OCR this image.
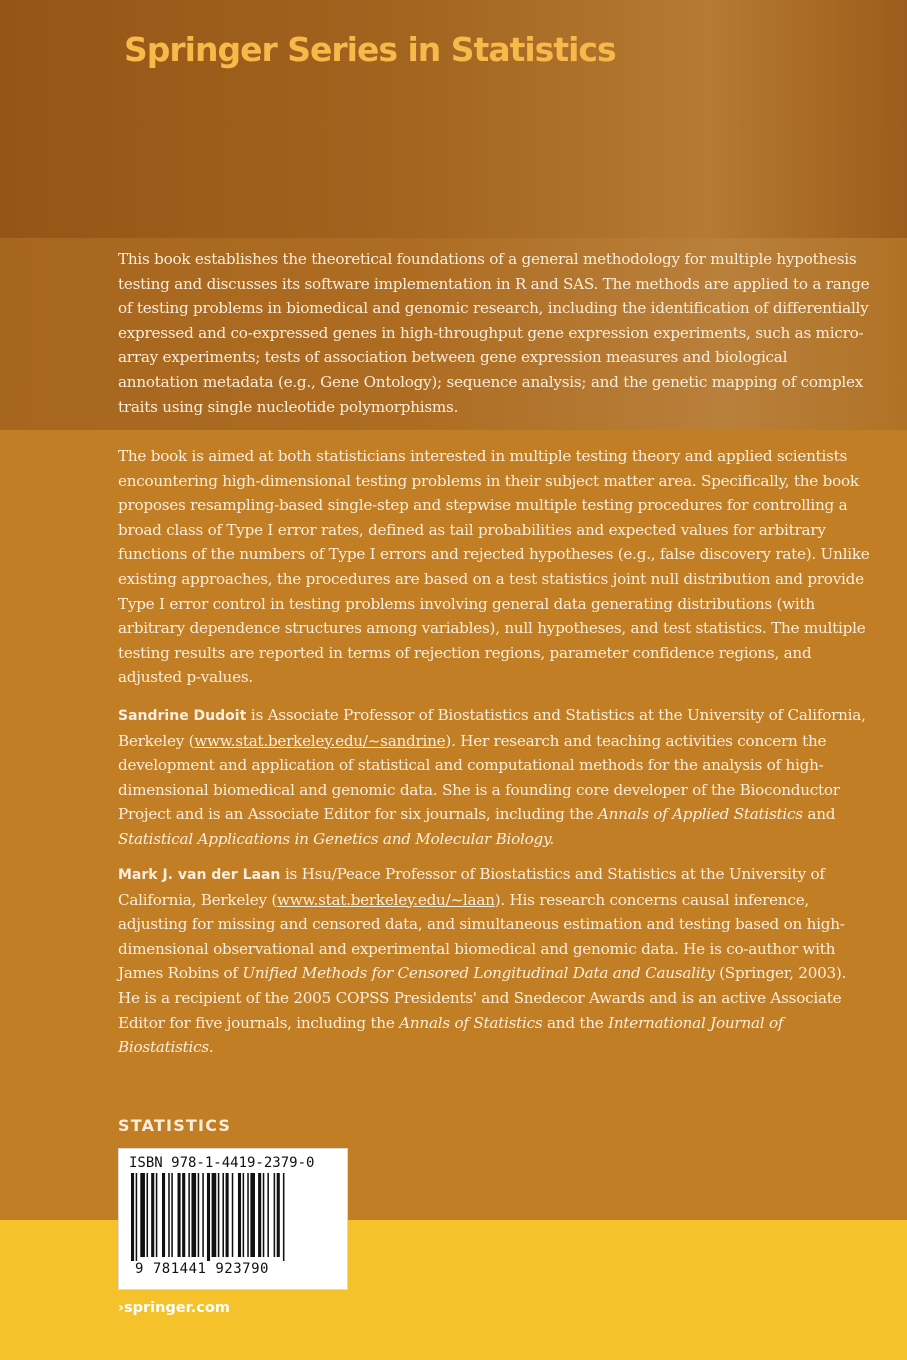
Springer Series in Statistics

This book establishes the theoretical foundations of a general methodology for multiple hypothesis testing and discusses its software implementation in R and SAS. The methods are applied to a range of testing problems in biomedical and genomic research, including the identification of differentially expressed and co-expressed genes in high-throughput gene expression experiments, such as micro-array experiments; tests of association between gene expression measures and biological annotation metadata (e.g., Gene Ontology); sequence analysis; and the genetic mapping of complex traits using single nucleotide polymorphisms.

The book is aimed at both statisticians interested in multiple testing theory and applied scientists encountering high-dimensional testing problems in their subject matter area. Specifically, the book proposes resampling-based single-step and stepwise multiple testing procedures for controlling a broad class of Type I error rates, defined as tail probabilities and expected values for arbitrary functions of the numbers of Type I errors and rejected hypotheses (e.g., false discovery rate). Unlike existing approaches, the procedures are based on a test statistics joint null distribution and provide Type I error control in testing problems involving general data generating distributions (with arbitrary dependence structures among variables), null hypotheses, and test statistics. The multiple testing results are reported in terms of rejection regions, parameter confidence regions, and adjusted p-values.

Sandrine Dudoit is Associate Professor of Biostatistics and Statistics at the University of California, Berkeley (www.stat.berkeley.edu/~sandrine). Her research and teaching activities concern the development and application of statistical and computational methods for the analysis of high-dimensional biomedical and genomic data. She is a founding core developer of the Bioconductor Project and is an Associate Editor for six journals, including the Annals of Applied Statistics and Statistical Applications in Genetics and Molecular Biology.

Mark J. van der Laan is Hsu/Peace Professor of Biostatistics and Statistics at the University of California, Berkeley (www.stat.berkeley.edu/~laan). His research concerns causal inference, adjusting for missing and censored data, and simultaneous estimation and testing based on high-dimensional observational and experimental biomedical and genomic data. He is co-author with James Robins of Unified Methods for Censored Longitudinal Data and Causality (Springer, 2003). He is a recipient of the 2005 COPSS Presidents' and Snedecor Awards and is an active Associate Editor for five journals, including the Annals of Statistics and the International Journal of Biostatistics.

STATISTICS
ISBN 978-1-4419-2379-0
9 781441 923790
›springer.com
